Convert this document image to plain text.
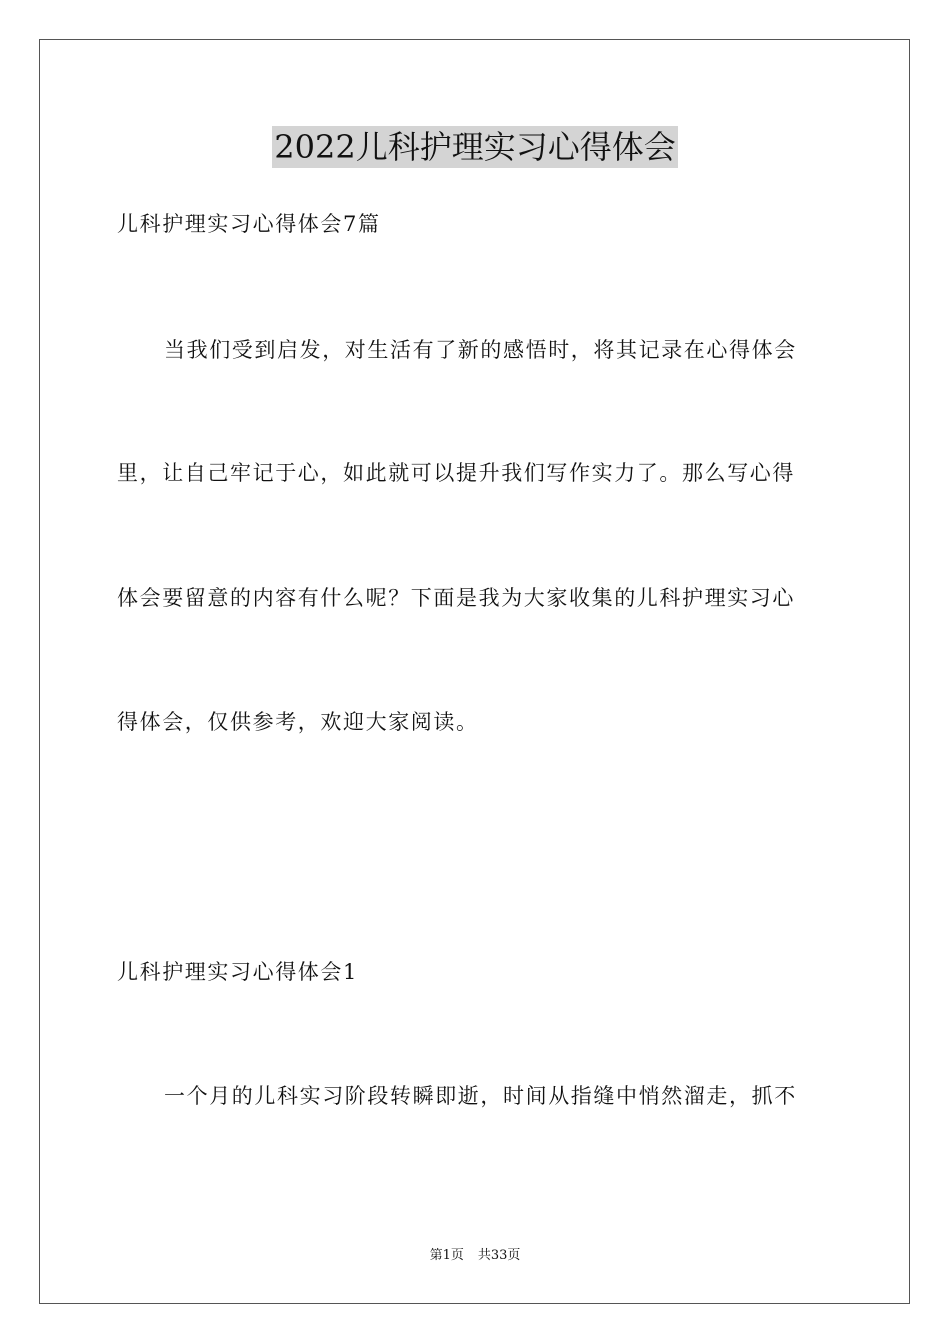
2022儿科护理实习心得体会
儿科护理实习心得体会7篇
当我们受到启发，对生活有了新的感悟时，将其记录在心得体会
里，让自己牢记于心，如此就可以提升我们写作实力了。那么写心得
体会要留意的内容有什么呢？下面是我为大家收集的儿科护理实习心
得体会，仅供参考，欢迎大家阅读。
儿科护理实习心得体会1
一个月的儿科实习阶段转瞬即逝，时间从指缝中悄然溜走，抓不
第1页 共33页
